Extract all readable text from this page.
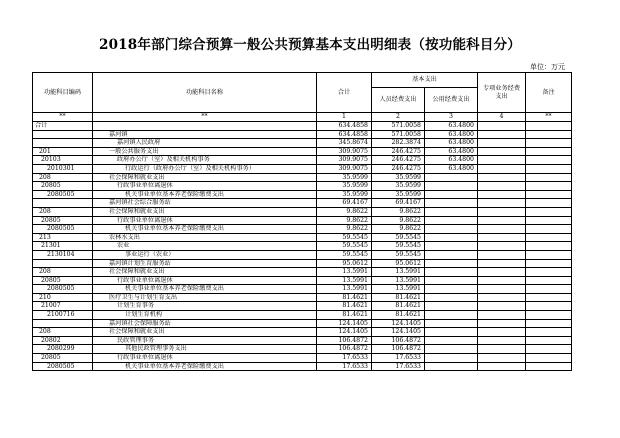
2018年部门综合预算一般公共预算基本支出明细表（按功能科目分）
单位：万元
功能科目编码	功能科目名称	合计	基本支出		专项业务经费支出	备注
			人员经费支出	公用经费支出		
**	**	1	2	3	4	**
合计		634.4858	571.0058	63.4800		
	嘉河镇	634.4858	571.0058	63.4800		
	嘉河镇人民政府	345.8674	282.3874	63.4800		
201	一般公共服务支出	309.9075	246.4275	63.4800		
20103	政府办公厅（室）及相关机构事务	309.9075	246.4275	63.4800		
2010301	行政运行（政府办公厅（室）及相关机构事务）	309.9075	246.4275	63.4800		
208	社会保障和就业支出	35.9599	35.9599			
20805	行政事业单位离退休	35.9599	35.9599			
2080505	机关事业单位基本养老保险缴费支出	35.9599	35.9599			
	嘉河镇社会综合服务站	69.4167	69.4167			
208	社会保障和就业支出	9.8622	9.8622			
20805	行政事业单位离退休	9.8622	9.8622			
2080505	机关事业单位基本养老保险缴费支出	9.8622	9.8622			
213	农林水支出	59.5545	59.5545			
21301	农业	59.5545	59.5545			
2130104	事业运行（农业）	59.5545	59.5545			
	嘉河镇计划生育服务站	95.0612	95.0612			
208	社会保障和就业支出	13.5991	13.5991			
20805	行政事业单位离退休	13.5991	13.5991			
2080505	机关事业单位基本养老保险缴费支出	13.5991	13.5991			
210	医疗卫生与计划生育支出	81.4621	81.4621			
21007	计划生育事务	81.4621	81.4621			
2100716	计划生育机构	81.4621	81.4621			
	嘉河镇社会保障服务站	124.1405	124.1405			
208	社会保障和就业支出	124.1405	124.1405			
20802	民政管理事务	106.4872	106.4872			
2080299	其他民政管理事务支出	106.4872	106.4872			
20805	行政事业单位离退休	17.6533	17.6533			
2080505	机关事业单位基本养老保险缴费支出	17.6533	17.6533			
